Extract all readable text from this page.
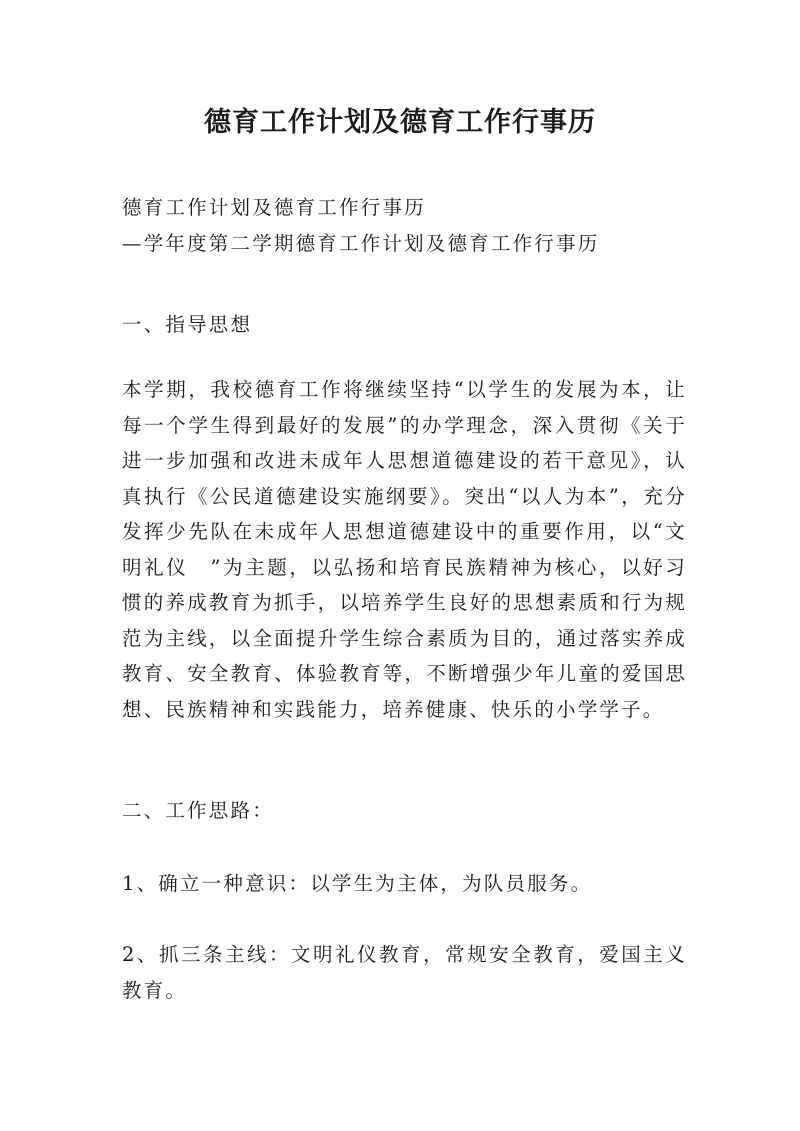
德育工作计划及德育工作行事历

德育工作计划及德育工作行事历

—学年度第二学期德育工作计划及德育工作行事历

一、指导思想

本学期，我校德育工作将继续坚持“以学生的发展为本，让每一个学生得到最好的发展”的办学理念，深入贯彻《关于进一步加强和改进未成年人思想道德建设的若干意见》，认真执行《公民道德建设实施纲要》。突出“以人为本”，充分发挥少先队在未成年人思想道德建设中的重要作用，以“文明礼仪　”为主题，以弘扬和培育民族精神为核心，以好习惯的养成教育为抓手，以培养学生良好的思想素质和行为规范为主线，以全面提升学生综合素质为目的，通过落实养成教育、安全教育、体验教育等，不断增强少年儿童的爱国思想、民族精神和实践能力，培养健康、快乐的小学学子。

二、工作思路：

1、确立一种意识：以学生为主体，为队员服务。

2、抓三条主线：文明礼仪教育，常规安全教育，爱国主义教育。
